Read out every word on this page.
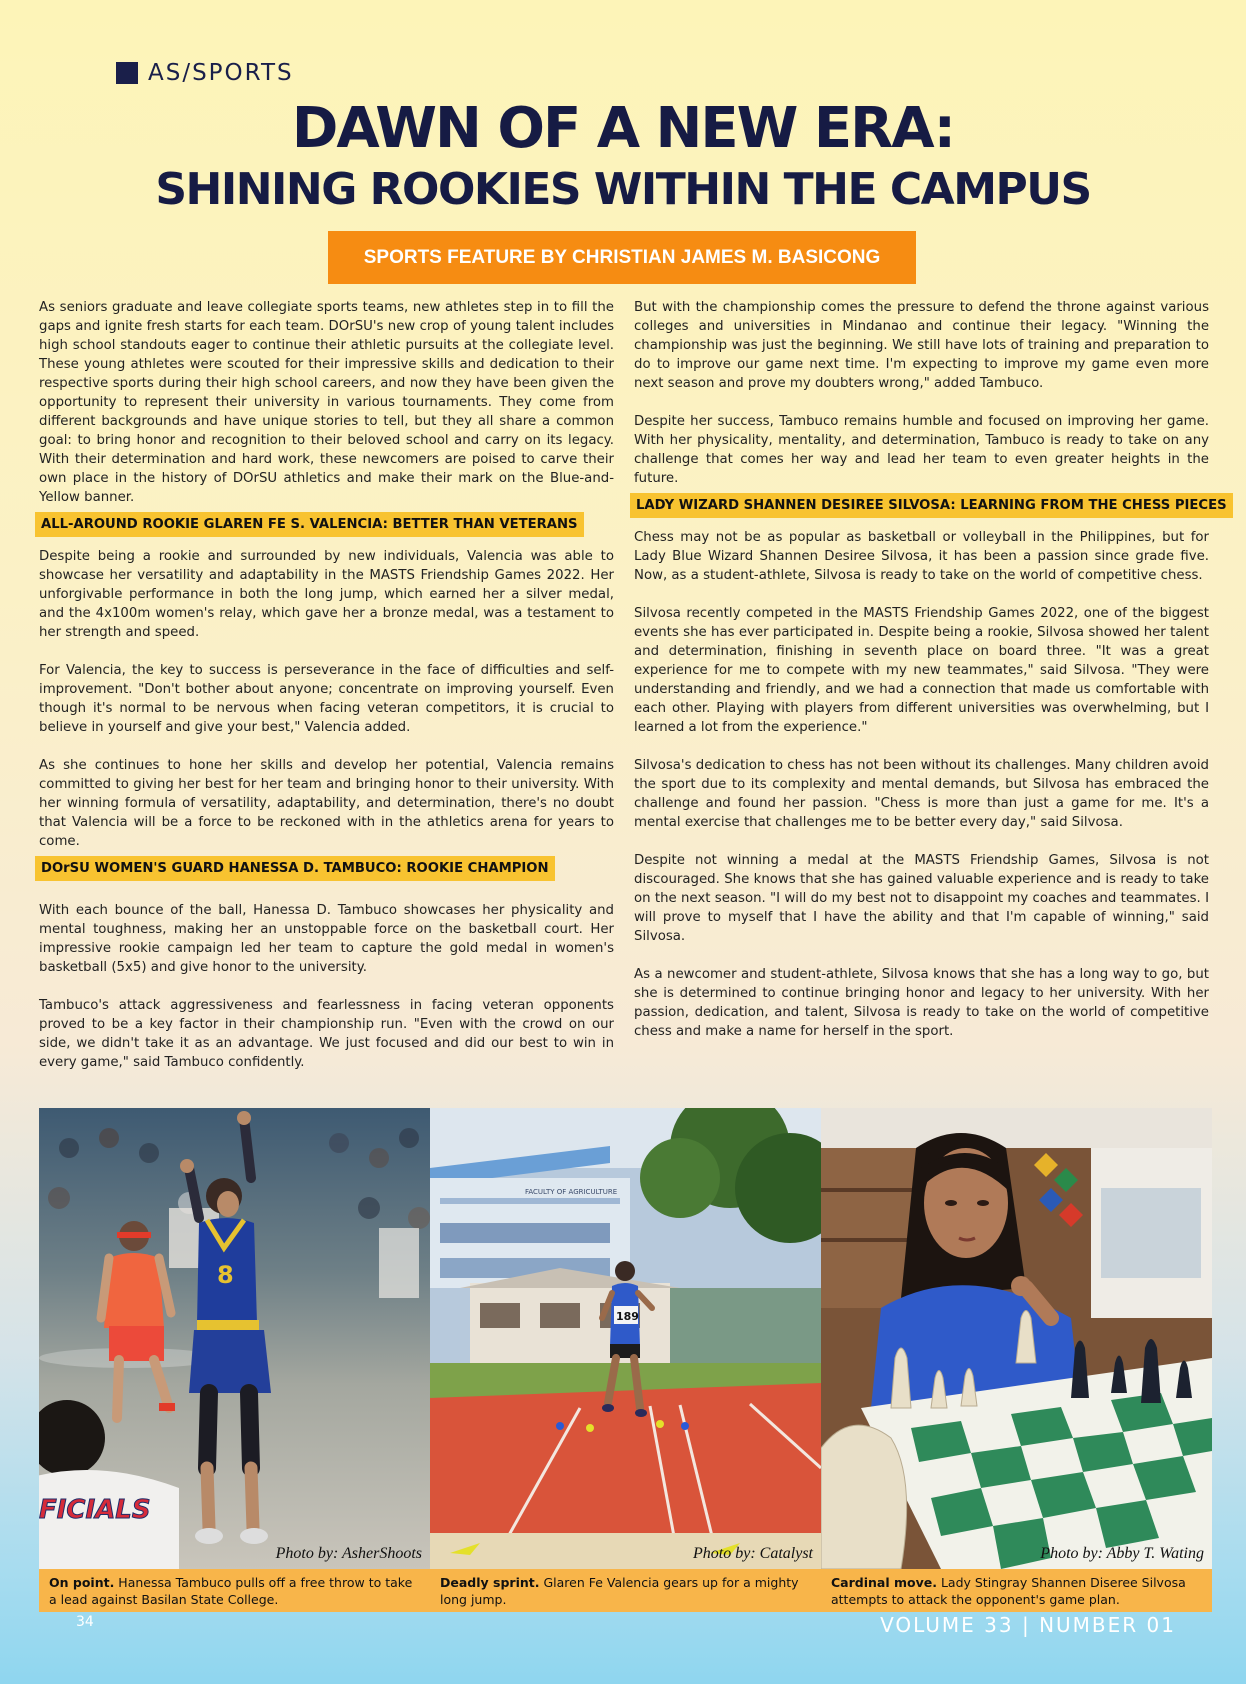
AS/SPORTS
DAWN OF A NEW ERA:
SHINING ROOKIES WITHIN THE CAMPUS
SPORTS FEATURE BY CHRISTIAN JAMES M. BASICONG

As seniors graduate and leave collegiate sports teams, new athletes step in to fill the gaps and ignite fresh starts for each team. DOrSU's new crop of young talent includes high school standouts eager to continue their athletic pursuits at the collegiate level. These young athletes were scouted for their impressive skills and dedication to their respective sports during their high school careers, and now they have been given the opportunity to represent their university in various tournaments. They come from different backgrounds and have unique stories to tell, but they all share a common goal: to bring honor and recognition to their beloved school and carry on its legacy. With their determination and hard work, these newcomers are poised to carve their own place in the history of DOrSU athletics and make their mark on the Blue-and-Yellow banner.

ALL-AROUND ROOKIE GLAREN FE S. VALENCIA: BETTER THAN VETERANS

Despite being a rookie and surrounded by new individuals, Valencia was able to showcase her versatility and adaptability in the MASTS Friendship Games 2022. Her unforgivable performance in both the long jump, which earned her a silver medal, and the 4x100m women's relay, which gave her a bronze medal, was a testament to her strength and speed.

For Valencia, the key to success is perseverance in the face of difficulties and self-improvement. "Don't bother about anyone; concentrate on improving yourself. Even though it's normal to be nervous when facing veteran competitors, it is crucial to believe in yourself and give your best," Valencia added.

As she continues to hone her skills and develop her potential, Valencia remains committed to giving her best for her team and bringing honor to their university. With her winning formula of versatility, adaptability, and determination, there's no doubt that Valencia will be a force to be reckoned with in the athletics arena for years to come.

DOrSU WOMEN'S GUARD HANESSA D. TAMBUCO: ROOKIE CHAMPION

With each bounce of the ball, Hanessa D. Tambuco showcases her physicality and mental toughness, making her an unstoppable force on the basketball court. Her impressive rookie campaign led her team to capture the gold medal in women's basketball (5x5) and give honor to the university.

Tambuco's attack aggressiveness and fearlessness in facing veteran opponents proved to be a key factor in their championship run. "Even with the crowd on our side, we didn't take it as an advantage. We just focused and did our best to win in every game," said Tambuco confidently.

But with the championship comes the pressure to defend the throne against various colleges and universities in Mindanao and continue their legacy. "Winning the championship was just the beginning. We still have lots of training and preparation to do to improve our game next time. I'm expecting to improve my game even more next season and prove my doubters wrong," added Tambuco.

Despite her success, Tambuco remains humble and focused on improving her game. With her physicality, mentality, and determination, Tambuco is ready to take on any challenge that comes her way and lead her team to even greater heights in the future.

LADY WIZARD SHANNEN DESIREE SILVOSA: LEARNING FROM THE CHESS PIECES

Chess may not be as popular as basketball or volleyball in the Philippines, but for Lady Blue Wizard Shannen Desiree Silvosa, it has been a passion since grade five. Now, as a student-athlete, Silvosa is ready to take on the world of competitive chess.

Silvosa recently competed in the MASTS Friendship Games 2022, one of the biggest events she has ever participated in. Despite being a rookie, Silvosa showed her talent and determination, finishing in seventh place on board three. "It was a great experience for me to compete with my new teammates," said Silvosa. "They were understanding and friendly, and we had a connection that made us comfortable with each other. Playing with players from different universities was overwhelming, but I learned a lot from the experience."

Silvosa's dedication to chess has not been without its challenges. Many children avoid the sport due to its complexity and mental demands, but Silvosa has embraced the challenge and found her passion. "Chess is more than just a game for me. It's a mental exercise that challenges me to be better every day," said Silvosa.

Despite not winning a medal at the MASTS Friendship Games, Silvosa is not discouraged. She knows that she has gained valuable experience and is ready to take on the next season. "I will do my best not to disappoint my coaches and teammates. I will prove to myself that I have the ability and that I'm capable of winning," said Silvosa.

As a newcomer and student-athlete, Silvosa knows that she has a long way to go, but she is determined to continue bringing honor and legacy to her university. With her passion, dedication, and talent, Silvosa is ready to take on the world of competitive chess and make a name for herself in the sport.

8
FICIALS
Photo by: AsherShoots
On point. Hanessa Tambuco pulls off a free throw to take a lead against Basilan State College.
FACULTY OF AGRICULTURE
189
Photo by: Catalyst
Deadly sprint. Glaren Fe Valencia gears up for a mighty long jump.
Photo by: Abby T. Wating
Cardinal move. Lady Stingray Shannen Diseree Silvosa attempts to attack the opponent's game plan.
34	VOLUME 33 | NUMBER 01
